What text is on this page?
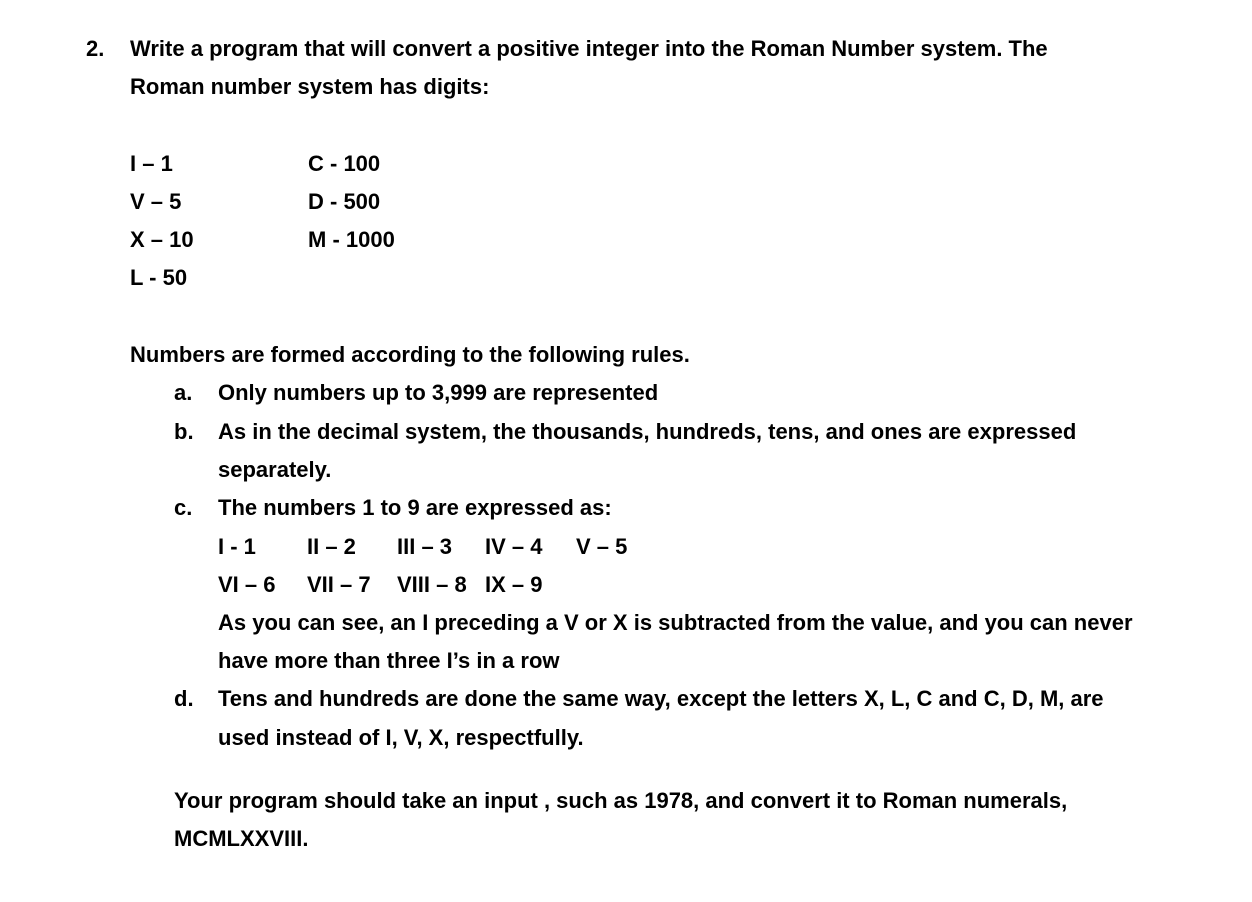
2. Write a program that will convert a positive integer into the Roman Number system. The
Roman number system has digits:
I – 1
V – 5
X – 10
L - 50
C - 100
D - 500
M - 1000
Numbers are formed according to the following rules.
a. Only numbers up to 3,999 are represented
b. As in the decimal system, the thousands, hundreds, tens, and ones are expressed
separately.
c. The numbers 1 to 9 are expressed as:
I - 1 II – 2 III – 3 IV – 4 V – 5
VI – 6 VII – 7 VIII – 8 IX – 9
As you can see, an I preceding a V or X is subtracted from the value, and you can never
have more than three I’s in a row
d. Tens and hundreds are done the same way, except the letters X, L, C and C, D, M, are
used instead of I, V, X, respectfully.
Your program should take an input , such as 1978, and convert it to Roman numerals,
MCMLXXVIII.
